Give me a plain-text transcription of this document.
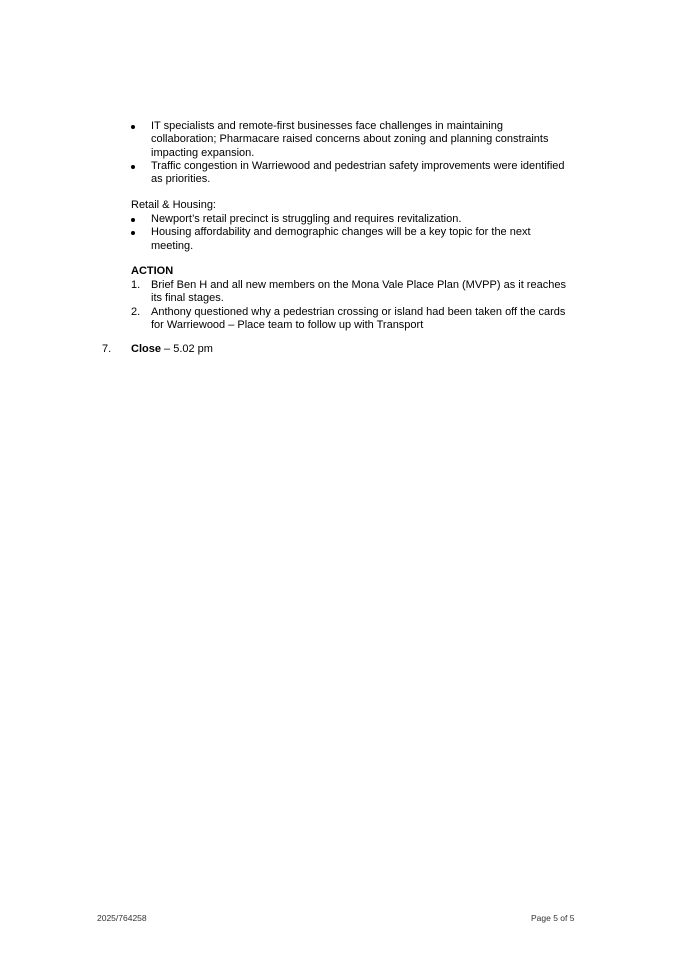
IT specialists and remote-first businesses face challenges in maintaining collaboration; Pharmacare raised concerns about zoning and planning constraints impacting expansion.
Traffic congestion in Warriewood and pedestrian safety improvements were identified as priorities.
Retail & Housing:
Newport’s retail precinct is struggling and requires revitalization.
Housing affordability and demographic changes will be a key topic for the next meeting.
ACTION
1. Brief Ben H and all new members on the Mona Vale Place Plan (MVPP) as it reaches its final stages.
2. Anthony questioned why a pedestrian crossing or island had been taken off the cards for Warriewood – Place team to follow up with Transport
7. Close – 5.02 pm
2025/764258	Page 5 of 5
